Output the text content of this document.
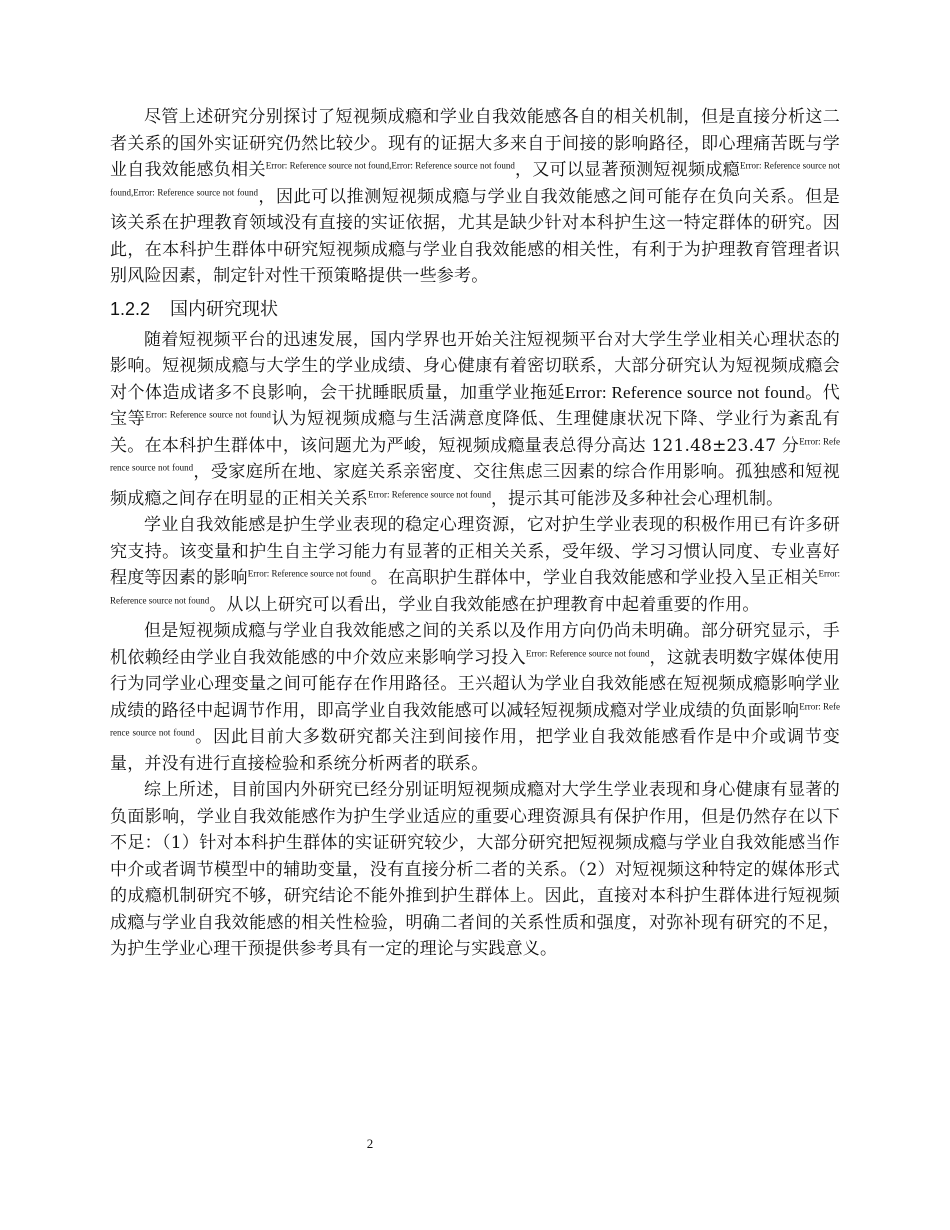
尽管上述研究分别探讨了短视频成瘾和学业自我效能感各自的相关机制，但是直接分析这二者关系的国外实证研究仍然比较少。现有的证据大多来自于间接的影响路径，即心理痛苦既与学业自我效能感负相关$^{Error: Reference source not found,Error: Reference source not found}$，又可以显著预测短视频成瘾$^{Error: Reference source not found,Error: Reference source not found}$，因此可以推测短视频成瘾与学业自我效能感之间可能存在负向关系。但是该关系在护理教育领域没有直接的实证依据，尤其是缺少针对本科护生这一特定群体的研究。因此，在本科护生群体中研究短视频成瘾与学业自我效能感的相关性，有利于为护理教育管理者识别风险因素，制定针对性干预策略提供一些参考。

1.2.2 国内研究现状

随着短视频平台的迅速发展，国内学界也开始关注短视频平台对大学生学业相关心理状态的影响。短视频成瘾与大学生的学业成绩、身心健康有着密切联系，大部分研究认为短视频成瘾会对个体造成诸多不良影响，会干扰睡眠质量，加重学业拖延Error: Reference source not found。代宝等$^{Error: Reference source not found}$认为短视频成瘾与生活满意度降低、生理健康状况下降、学业行为紊乱有关。在本科护生群体中，该问题尤为严峻，短视频成瘾量表总得分高达 121.48±23.47 分$^{Error: Reference source not found}$，受家庭所在地、家庭关系亲密度、交往焦虑三因素的综合作用影响。孤独感和短视频成瘾之间存在明显的正相关关系$^{Error: Reference source not found}$，提示其可能涉及多种社会心理机制。

学业自我效能感是护生学业表现的稳定心理资源，它对护生学业表现的积极作用已有许多研究支持。该变量和护生自主学习能力有显著的正相关关系，受年级、学习习惯认同度、专业喜好程度等因素的影响$^{Error: Reference source not found}$。在高职护生群体中，学业自我效能感和学业投入呈正相关$^{Error: Reference source not found}$。从以上研究可以看出，学业自我效能感在护理教育中起着重要的作用。

但是短视频成瘾与学业自我效能感之间的关系以及作用方向仍尚未明确。部分研究显示，手机依赖经由学业自我效能感的中介效应来影响学习投入$^{Error: Reference source not found}$，这就表明数字媒体使用行为同学业心理变量之间可能存在作用路径。王兴超认为学业自我效能感在短视频成瘾影响学业成绩的路径中起调节作用，即高学业自我效能感可以减轻短视频成瘾对学业成绩的负面影响$^{Error: Reference source not found}$。因此目前大多数研究都关注到间接作用，把学业自我效能感看作是中介或调节变量，并没有进行直接检验和系统分析两者的联系。

综上所述，目前国内外研究已经分别证明短视频成瘾对大学生学业表现和身心健康有显著的负面影响，学业自我效能感作为护生学业适应的重要心理资源具有保护作用，但是仍然存在以下不足：（1）针对本科护生群体的实证研究较少，大部分研究把短视频成瘾与学业自我效能感当作中介或者调节模型中的辅助变量，没有直接分析二者的关系。（2）对短视频这种特定的媒体形式的成瘾机制研究不够，研究结论不能外推到护生群体上。因此，直接对本科护生群体进行短视频成瘾与学业自我效能感的相关性检验，明确二者间的关系性质和强度，对弥补现有研究的不足，为护生学业心理干预提供参考具有一定的理论与实践意义。

2
